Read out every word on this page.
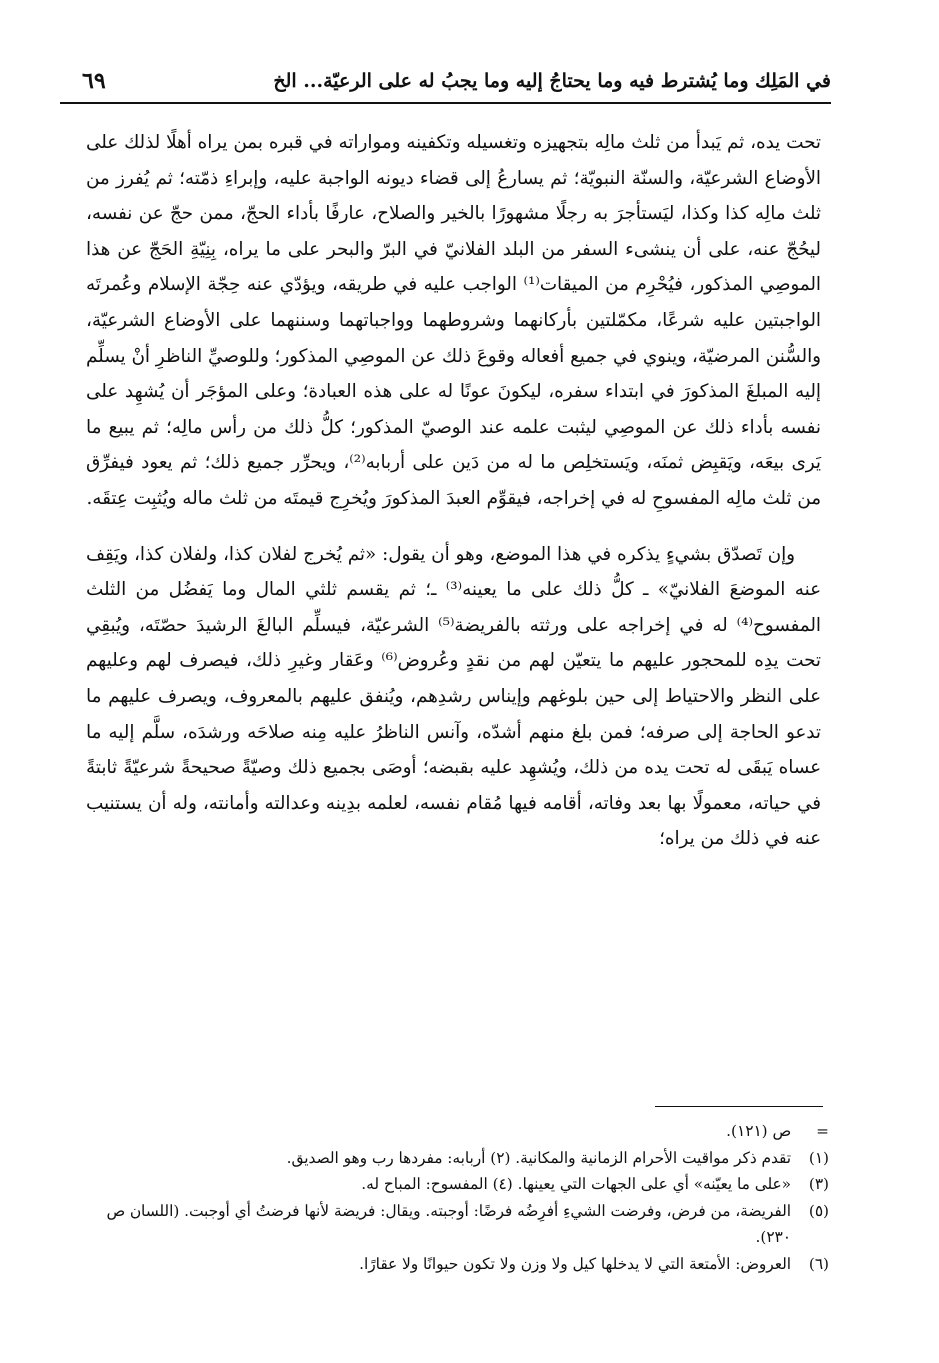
في المَلِك وما يُشترط فيه وما يحتاجُ إليه وما يجبُ له على الرعيّة... الخ
٦٩

تحت يده، ثم يَبدأ من ثلث مالِه بتجهيزه وتغسيله وتكفينه ومواراته في قبره بمن يراه أهلًا لذلك على الأوضاع الشرعيّة، والسنّة النبويّة؛ ثم يسارعُ إلى قضاء ديونه الواجبة عليه، وإبراءِ ذمّته؛ ثم يُفرز من ثلث مالِه كذا وكذا، ليَستأجرَ به رجلًا مشهورًا بالخير والصلاح، عارفًا بأداء الحجّ، ممن حجّ عن نفسه، ليحُجّ عنه، على أن ينشىء السفر من البلد الفلانيّ في البرّ والبحر على ما يراه، بِنِيّةِ الحَجّ عن هذا الموصِي المذكور، فيُحْرِم من الميقات⁽¹⁾ الواجب عليه في طريقه، ويؤدّي عنه حِجّة الإسلام وعُمرتَه الواجبتين عليه شرعًا، مكمّلتين بأركانهما وشروطهما وواجباتهما وسننهما على الأوضاع الشرعيّة، والسُّنن المرضيّة، وينوي في جميع أفعاله وقوعَ ذلك عن الموصِي المذكور؛ وللوصيِّ الناظرِ أنْ يسلِّم إليه المبلغَ المذكورَ في ابتداء سفره، ليكونَ عونًا له على هذه العبادة؛ وعلى المؤجَر أن يُشهِد على نفسه بأداء ذلك عن الموصِي ليثبت علمه عند الوصيّ المذكور؛ كلُّ ذلك من رأس مالِه؛ ثم يبيع ما يَرى بيعَه، ويَقبِض ثمنَه، ويَستخلِص ما له من دَين على أربابه⁽²⁾، ويحرِّر جميع ذلك؛ ثم يعود فيفرِّق من ثلث مالِه المفسوحِ له في إخراجه، فيقوِّم العبدَ المذكورَ ويُخرِج قيمتَه من ثلث ماله ويُثبِت عِتقَه.

وإن تَصدّق بشيءٍ يذكره في هذا الموضع، وهو أن يقول: «ثم يُخرج لفلان كذا، ولفلان كذا، ويَقِف عنه الموضعَ الفلانيّ» ـ كلُّ ذلك على ما يعينه⁽³⁾ ـ؛ ثم يقسم ثلثي المال وما يَفضُل من الثلث المفسوح⁽⁴⁾ له في إخراجه على ورثته بالفريضة⁽⁵⁾ الشرعيّة، فيسلِّم البالغَ الرشيدَ حصّتَه، ويُبقِي تحت يدِه للمحجور عليهم ما يتعيّن لهم من نقدٍ وعُروض⁽⁶⁾ وعَقار وغيرِ ذلك، فيصرف لهم وعليهم على النظر والاحتياط إلى حين بلوغهم وإيناس رشدِهم، ويُنفق عليهم بالمعروف، ويصرف عليهم ما تدعو الحاجة إلى صرفه؛ فمن بلغ منهم أشدّه، وآنس الناظرُ عليه مِنه صلاحَه ورشدَه، سلَّم إليه ما عساه يَبقَى له تحت يده من ذلك، ويُشهِد عليه بقبضه؛ أوصَى بجميع ذلك وصيّةً صحيحةً شرعيّةً ثابتةً في حياته، معمولًا بها بعد وفاته، أقامه فيها مُقام نفسه، لعلمه بدِينه وعدالته وأمانته، وله أن يستنيب عنه في ذلك من يراه؛

=
ص (١٢١).
(١)
تقدم ذكر مواقيت الأحرام الزمانية والمكانية. (٢) أربابه: مفردها رب وهو الصديق.
(٣)
«على ما يعيّنه» أي على الجهات التي يعينها. (٤) المفسوح: المباح له.
(٥)
الفريضة، من فرض، وفرضت الشيءِ أفرِضُه فرضًا: أوجبته. ويقال: فريضة لأنها فرضتُ أي أوجبت. (اللسان ص ٢٣٠).
(٦)
العروض: الأمتعة التي لا يدخلها كيل ولا وزن ولا تكون حيوانًا ولا عقارًا.
